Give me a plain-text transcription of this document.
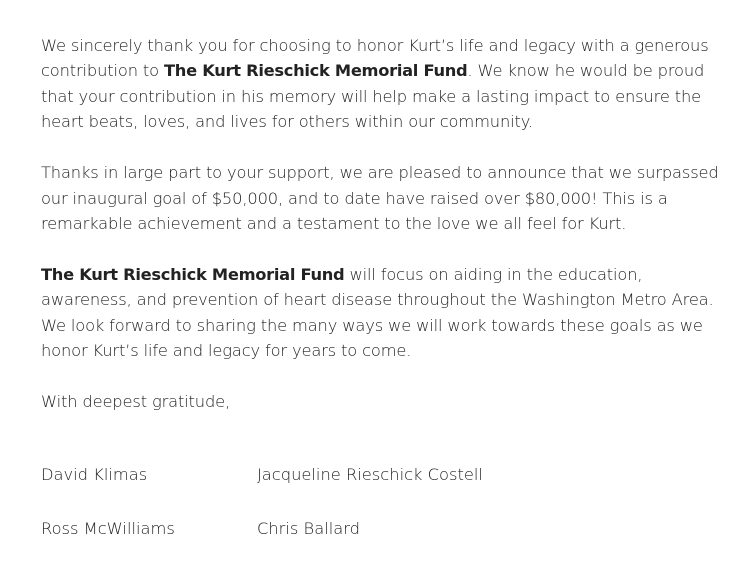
We sincerely thank you for choosing to honor Kurt’s life and legacy with a generous contribution to The Kurt Rieschick Memorial Fund. We know he would be proud that your contribution in his memory will help make a lasting impact to ensure the heart beats, loves, and lives for others within our community.

Thanks in large part to your support, we are pleased to announce that we surpassed our inaugural goal of $50,000, and to date have raised over $80,000! This is a remarkable achievement and a testament to the love we all feel for Kurt.

The Kurt Rieschick Memorial Fund will focus on aiding in the education, awareness, and prevention of heart disease throughout the Washington Metro Area. We look forward to sharing the many ways we will work towards these goals as we honor Kurt’s life and legacy for years to come.

With deepest gratitude,

David Klimas	Jacqueline Rieschick Costell
Ross McWilliams	Chris Ballard
